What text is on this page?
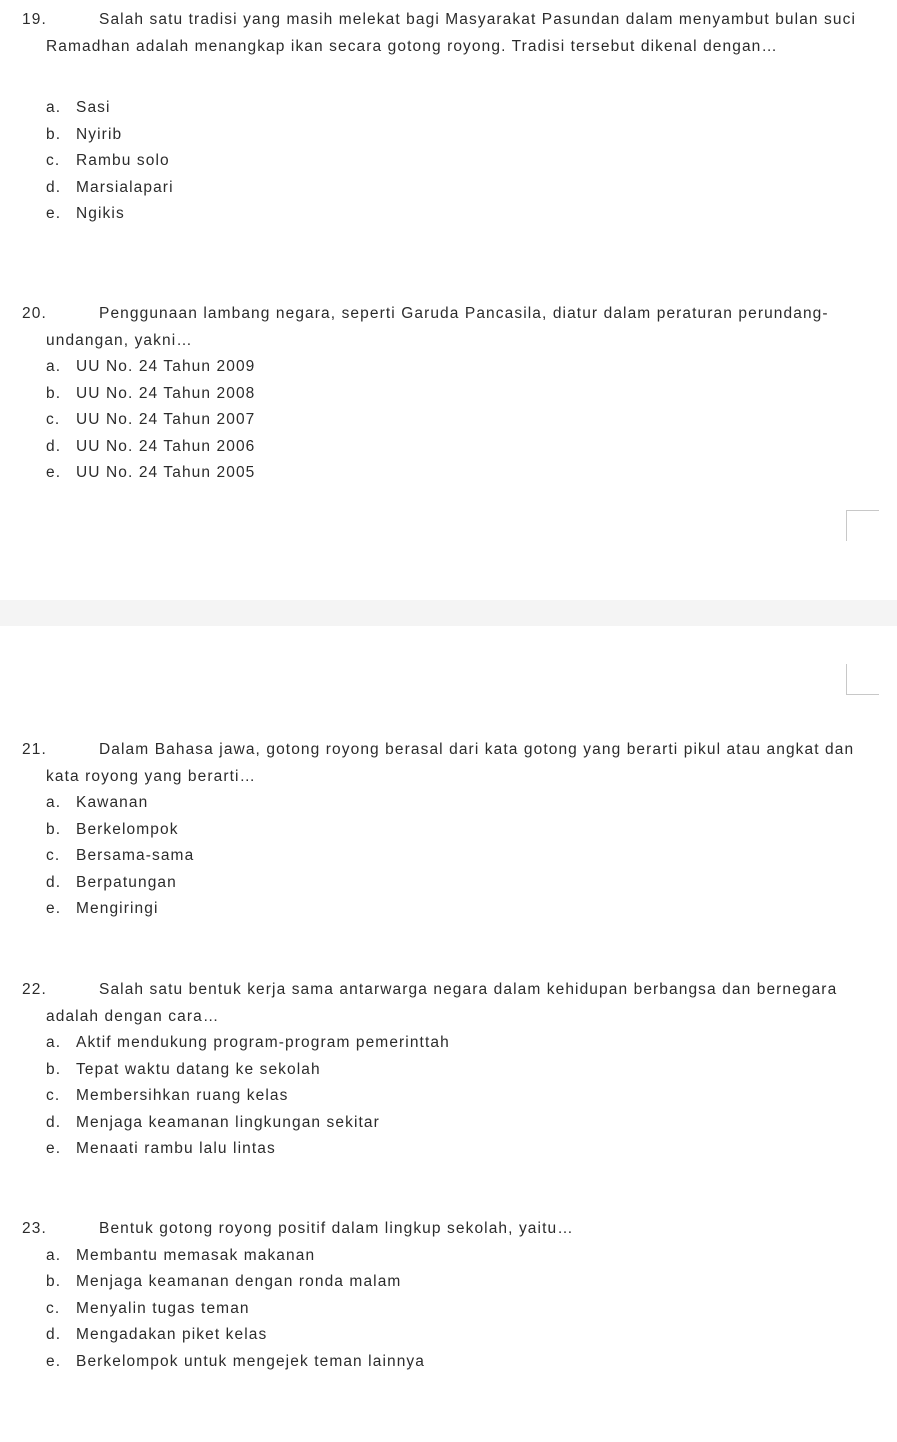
19.	Salah satu tradisi yang masih melekat bagi Masyarakat Pasundan dalam menyambut bulan suci Ramadhan adalah menangkap ikan secara gotong royong. Tradisi tersebut dikenal dengan…

a. Sasi
b. Nyirib
c. Rambu solo
d. Marsialapari
e. Ngikis

20.	Penggunaan lambang negara, seperti Garuda Pancasila, diatur dalam peraturan perundang-undangan, yakni…

a. UU No. 24 Tahun 2009
b. UU No. 24 Tahun 2008
c. UU No. 24 Tahun 2007
d. UU No. 24 Tahun 2006
e. UU No. 24 Tahun 2005

21.	Dalam Bahasa jawa, gotong royong berasal dari kata gotong yang berarti pikul atau angkat dan kata royong yang berarti…

a. Kawanan
b. Berkelompok
c. Bersama-sama
d. Berpatungan
e. Mengiringi

22.	Salah satu bentuk kerja sama antarwarga negara dalam kehidupan berbangsa dan bernegara adalah dengan cara…

a. Aktif mendukung program-program pemerinttah
b. Tepat waktu datang ke sekolah
c. Membersihkan ruang kelas
d. Menjaga keamanan lingkungan sekitar
e. Menaati rambu lalu lintas

23.	Bentuk gotong royong positif dalam lingkup sekolah, yaitu…

a. Membantu memasak makanan
b. Menjaga keamanan dengan ronda malam
c. Menyalin tugas teman
d. Mengadakan piket kelas
e. Berkelompok untuk mengejek teman lainnya
